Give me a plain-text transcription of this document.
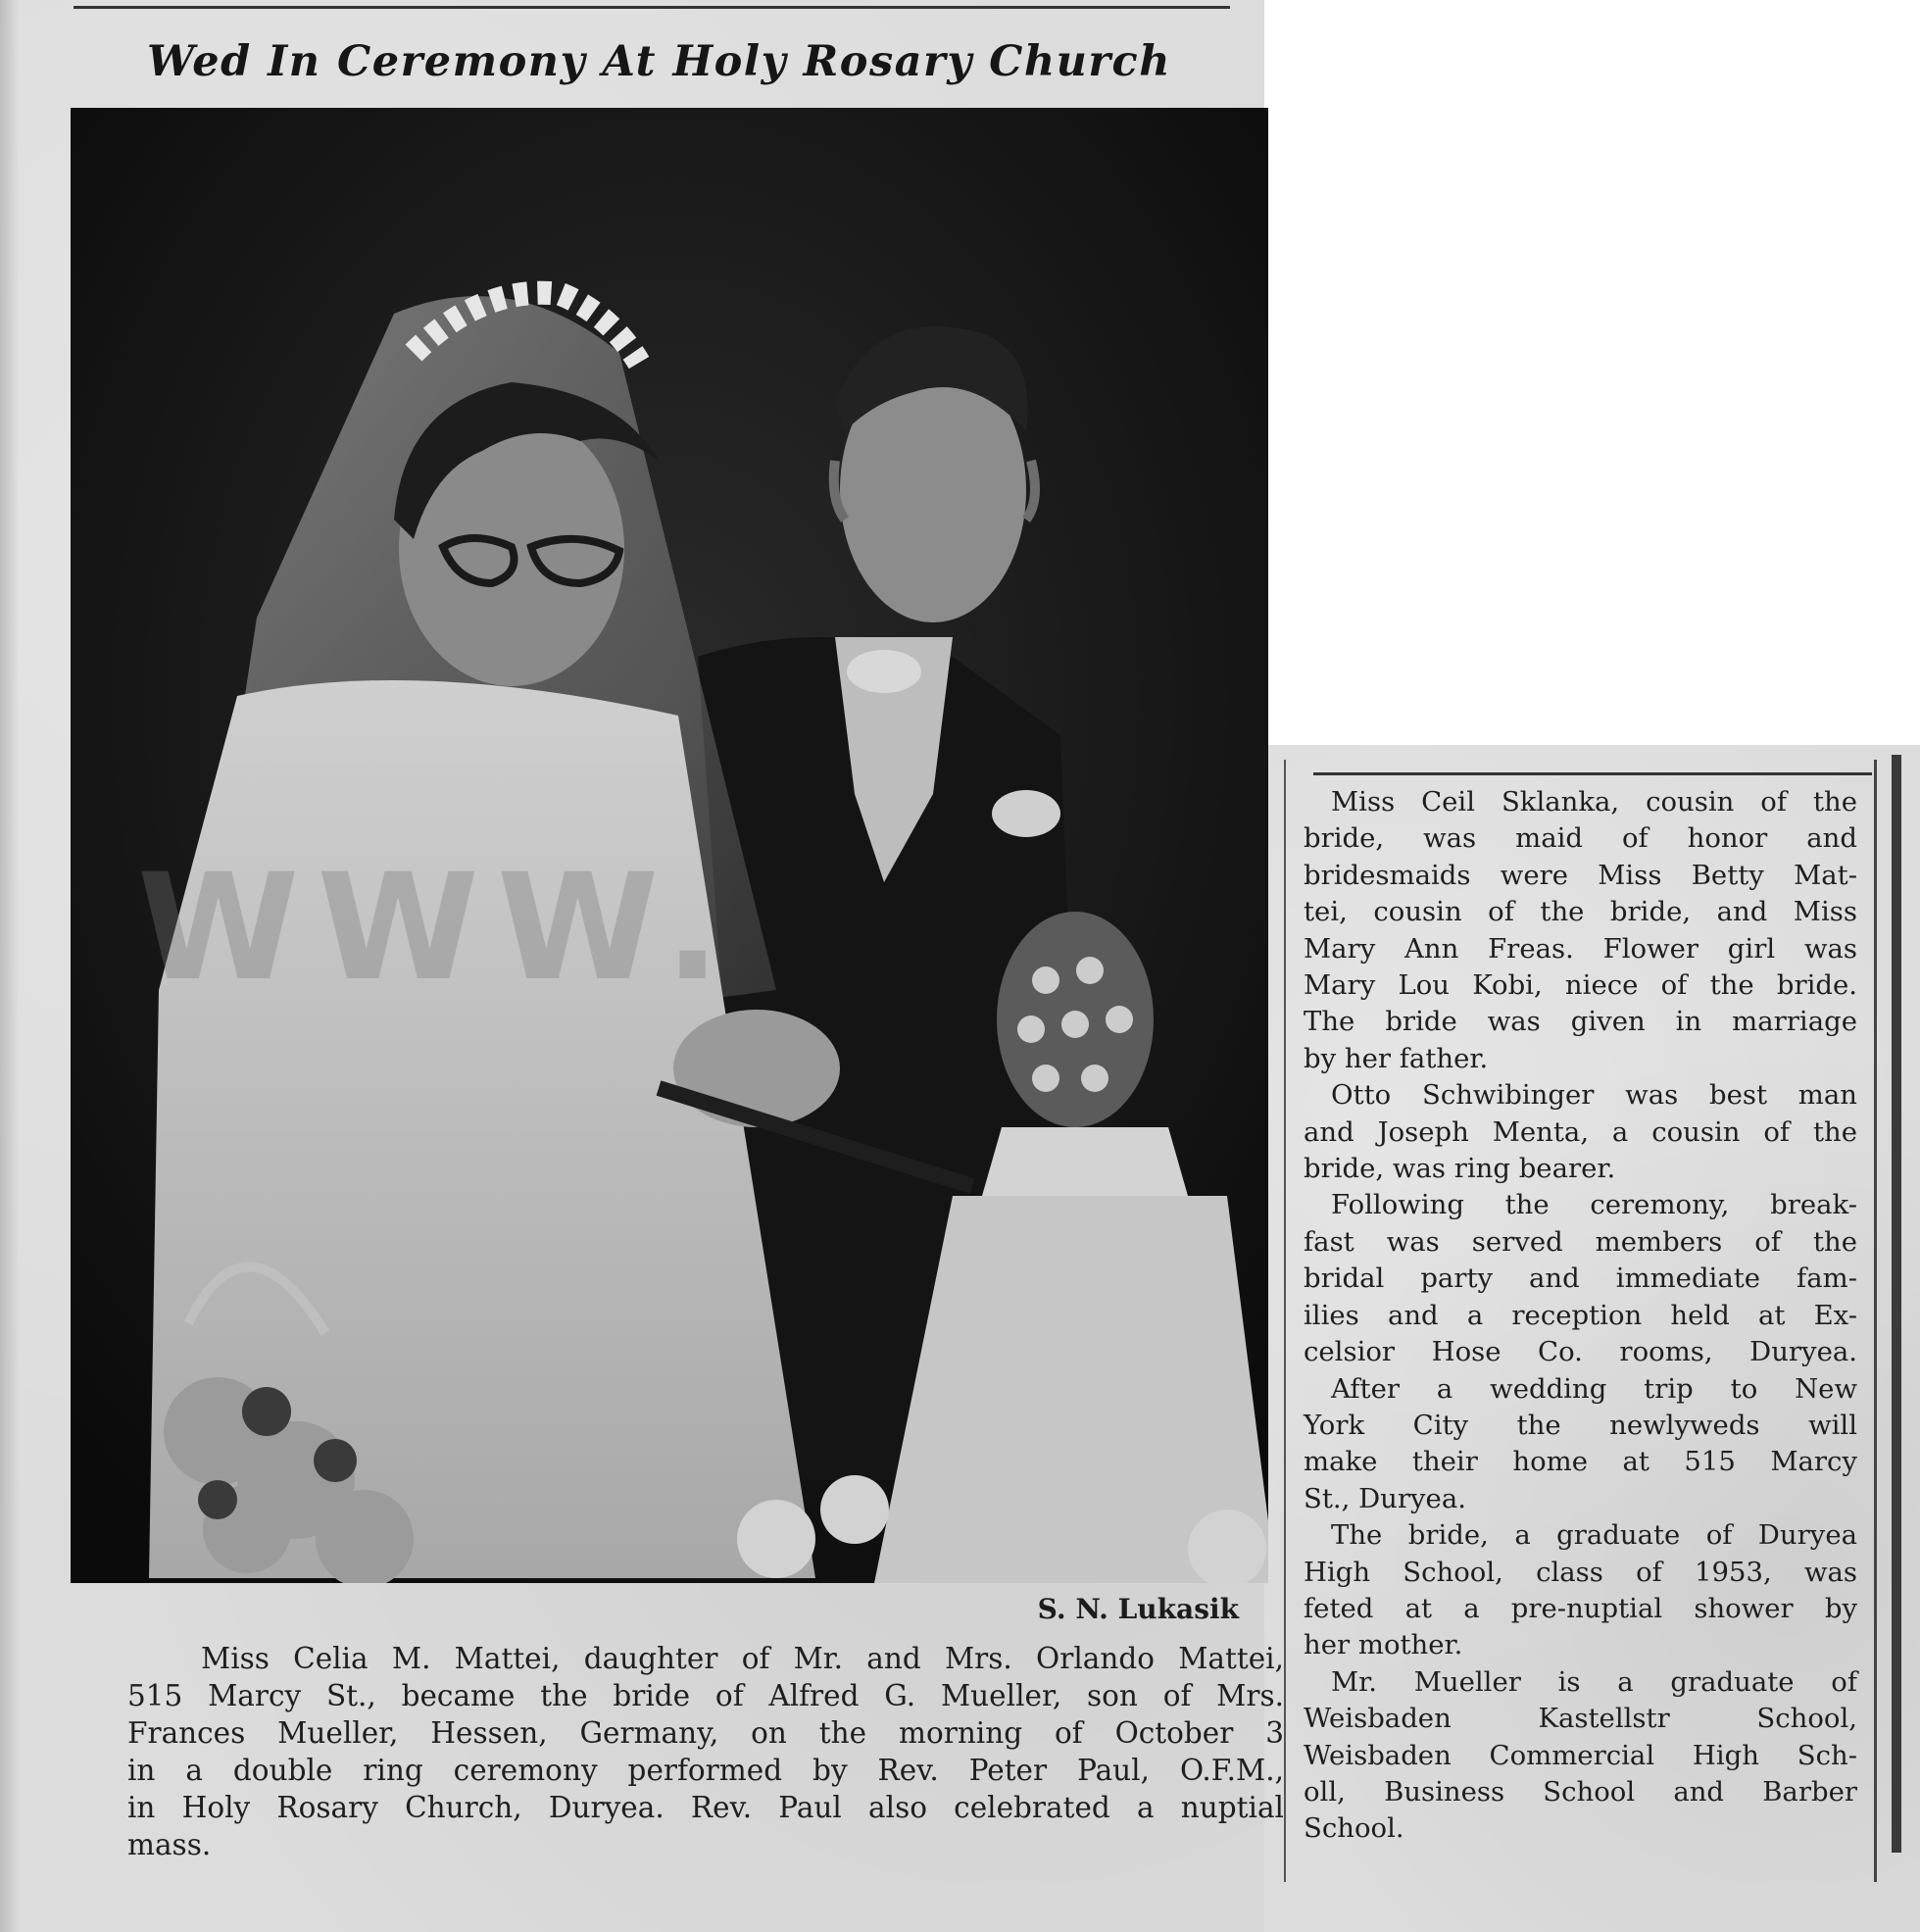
Wed In Ceremony At Holy Rosary Church
WWW.
S. N. Lukasik

Miss Celia M. Mattei, daughter of Mr. and Mrs. Orlando Mattei,
515 Marcy St., became the bride of Alfred G. Mueller, son of Mrs.
Frances Mueller, Hessen, Germany, on the morning of October 3
in a double ring ceremony performed by Rev. Peter Paul, O.F.M.,
in Holy Rosary Church, Duryea. Rev. Paul also celebrated a nuptial
mass.

Miss Ceil Sklanka, cousin of the
bride, was maid of honor and
bridesmaids were Miss Betty Mat-
tei, cousin of the bride, and Miss
Mary Ann Freas. Flower girl was
Mary Lou Kobi, niece of the bride.
The bride was given in marriage
by her father.

Otto Schwibinger was best man
and Joseph Menta, a cousin of the
bride, was ring bearer.

Following the ceremony, break-
fast was served members of the
bridal party and immediate fam-
ilies and a reception held at Ex-
celsior Hose Co. rooms, Duryea.

After a wedding trip to New
York City the newlyweds will
make their home at 515 Marcy
St., Duryea.

The bride, a graduate of Duryea
High School, class of 1953, was
feted at a pre-nuptial shower by
her mother.

Mr. Mueller is a graduate of
Weisbaden Kastellstr School,
Weisbaden Commercial High Sch-
oll, Business School and Barber
School.
